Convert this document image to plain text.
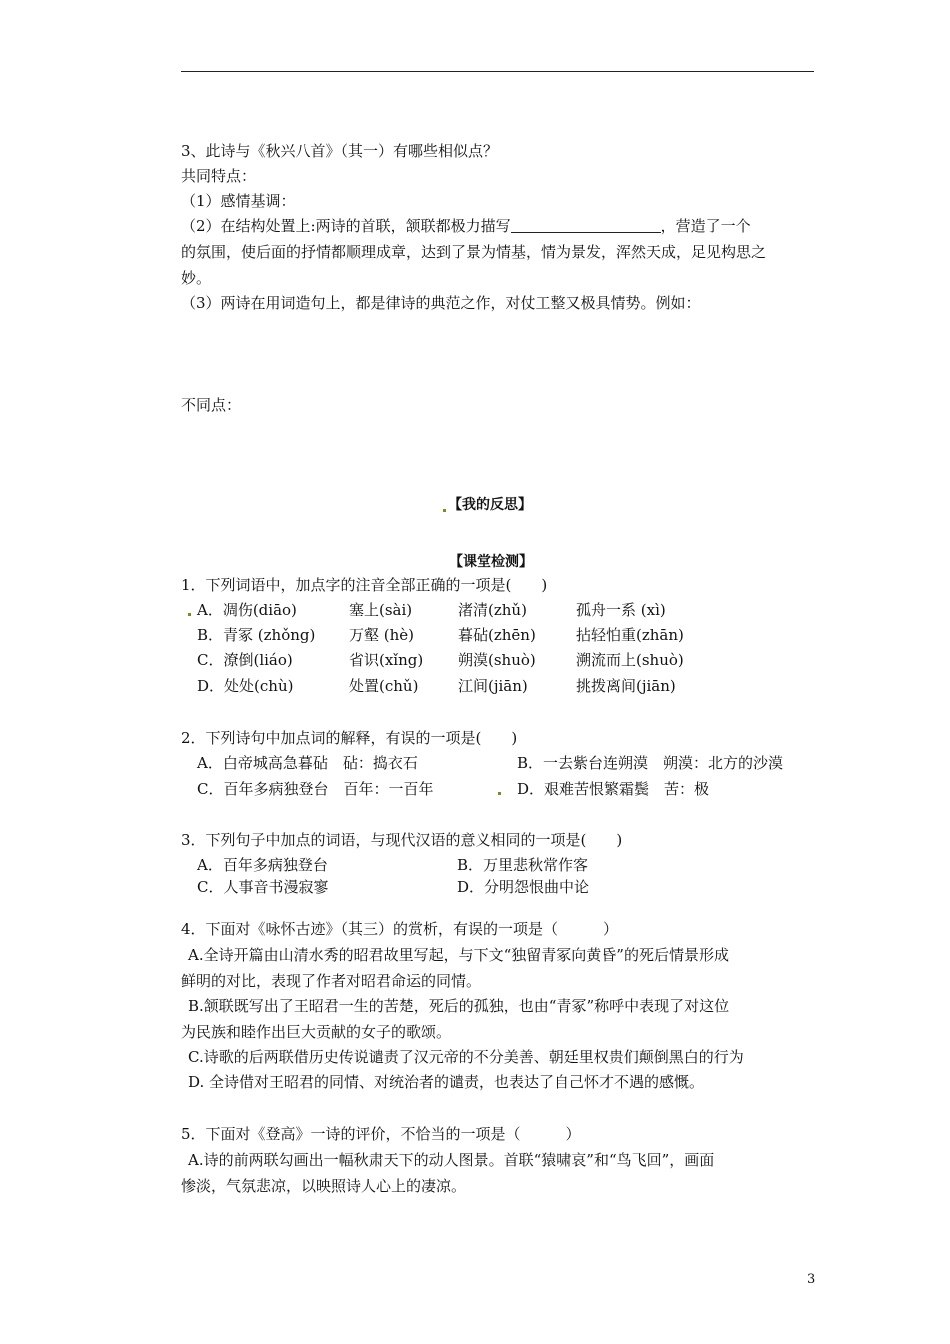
3、此诗与《秋兴八首》（其一）有哪些相似点？
共同特点：
（1）感情基调：
（2）在结构处置上:两诗的首联，颔联都极力描写	，营造了一个
的氛围，使后面的抒情都顺理成章，达到了景为情基，情为景发，浑然天成，足见构思之
妙。
（3）两诗在用词造句上，都是律诗的典范之作，对仗工整又极具情势。例如：
不同点：
【我的反思】
【课堂检测】
1．下列词语中，加点字的注音全部正确的一项是(　　)
A．凋伤(diāo)	塞上(sài)	渚清(zhǔ)	孤舟一系 (xì)
B．青冢 (zhǒng) 万壑 (hè)	暮砧(zhēn)	拈轻怕重(zhān)
C．潦倒(liáo)	省识(xǐng) 朔漠(shuò)	溯流而上(shuò)
D．处处(chù)	处置(chǔ)	江间(jiān)	挑拨离间(jiān)
2．下列诗句中加点词的解释，有误的一项是(　　)
A．白帝城高急暮砧　砧：捣衣石	B．一去紫台连朔漠　朔漠：北方的沙漠
C．百年多病独登台　百年：一百年	D．艰难苦恨繁霜鬓　苦：极
3．下列句子中加点的词语，与现代汉语的意义相同的一项是(　　)
A．百年多病独登台	B．万里悲秋常作客
C．人事音书漫寂寥	D．分明怨恨曲中论
4．下面对《咏怀古迹》（其三）的赏析，有误的一项是（　　　）
A.全诗开篇由山清水秀的昭君故里写起，与下文“独留青冢向黄昏”的死后情景形成
鲜明的对比，表现了作者对昭君命运的同情。
B.颔联既写出了王昭君一生的苦楚，死后的孤独，也由“青冢”称呼中表现了对这位
为民族和睦作出巨大贡献的女子的歌颂。
C.诗歌的后两联借历史传说谴责了汉元帝的不分美善、朝廷里权贵们颠倒黑白的行为
D. 全诗借对王昭君的同情、对统治者的谴责，也表达了自己怀才不遇的感慨。
5．下面对《登高》一诗的评价，不恰当的一项是（　　　）
A.诗的前两联勾画出一幅秋肃天下的动人图景。首联“猿啸哀”和“鸟飞回”，画面
惨淡，气氛悲凉，以映照诗人心上的凄凉。
3
